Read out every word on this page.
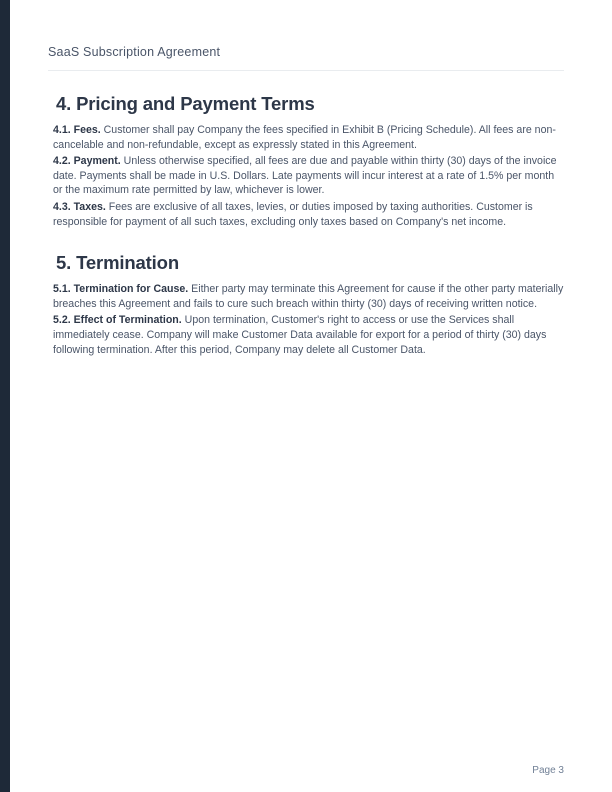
SaaS Subscription Agreement
4. Pricing and Payment Terms

4.1. Fees. Customer shall pay Company the fees specified in Exhibit B (Pricing Schedule). All fees are non-cancelable and non-refundable, except as expressly stated in this Agreement.

4.2. Payment. Unless otherwise specified, all fees are due and payable within thirty (30) days of the invoice date. Payments shall be made in U.S. Dollars. Late payments will incur interest at a rate of 1.5% per month or the maximum rate permitted by law, whichever is lower.

4.3. Taxes. Fees are exclusive of all taxes, levies, or duties imposed by taxing authorities. Customer is responsible for payment of all such taxes, excluding only taxes based on Company's net income.

5. Termination

5.1. Termination for Cause. Either party may terminate this Agreement for cause if the other party materially breaches this Agreement and fails to cure such breach within thirty (30) days of receiving written notice.

5.2. Effect of Termination. Upon termination, Customer's right to access or use the Services shall immediately cease. Company will make Customer Data available for export for a period of thirty (30) days following termination. After this period, Company may delete all Customer Data.

Page 3
